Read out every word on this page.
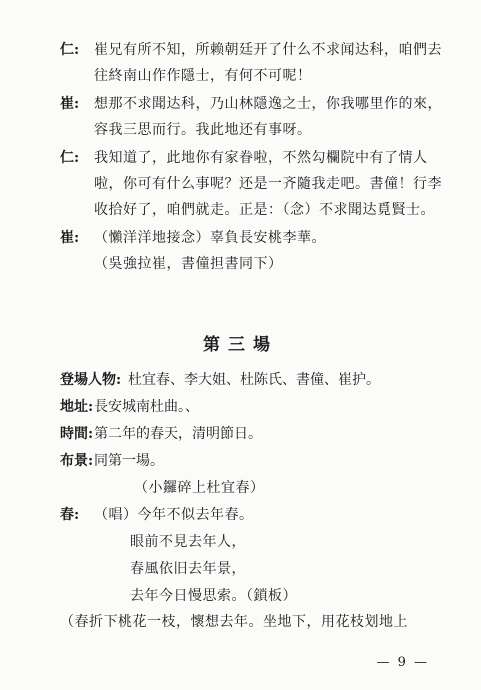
仁:	崔兄有所不知，所赖朝廷开了什么不求闻达科，咱們去
往終南山作作隱士，有何不可呢！
崔:	想那不求聞达科，乃山林隱逸之士，你我哪里作的來，
容我三思而行。我此地还有事呀。
仁:	我知道了，此地你有家眷啦，不然勾欄院中有了情人
啦，你可有什么事呢？还是一齐隨我走吧。書僮！行李
收拾好了，咱們就走。正是：（念）不求聞达覓賢士。
崔:	（懶洋洋地接念）辜負長安桃李華。
（吳強拉崔，書僮担書同下）
第三場
登場人物: 杜宜春、李大姐、杜陈氏、書僮、崔护。
地址: 長安城南杜曲。、
時間: 第二年的春天，清明節日。
布景: 同第一場。
（小鑼碎上杜宜春）
春:	（唱）今年不似去年春。
眼前不見去年人，
春風依旧去年景，
去年今日慢思索。（鎖板）
（春折下桃花一枝，懷想去年。坐地下，用花枝划地上
— 9 —
